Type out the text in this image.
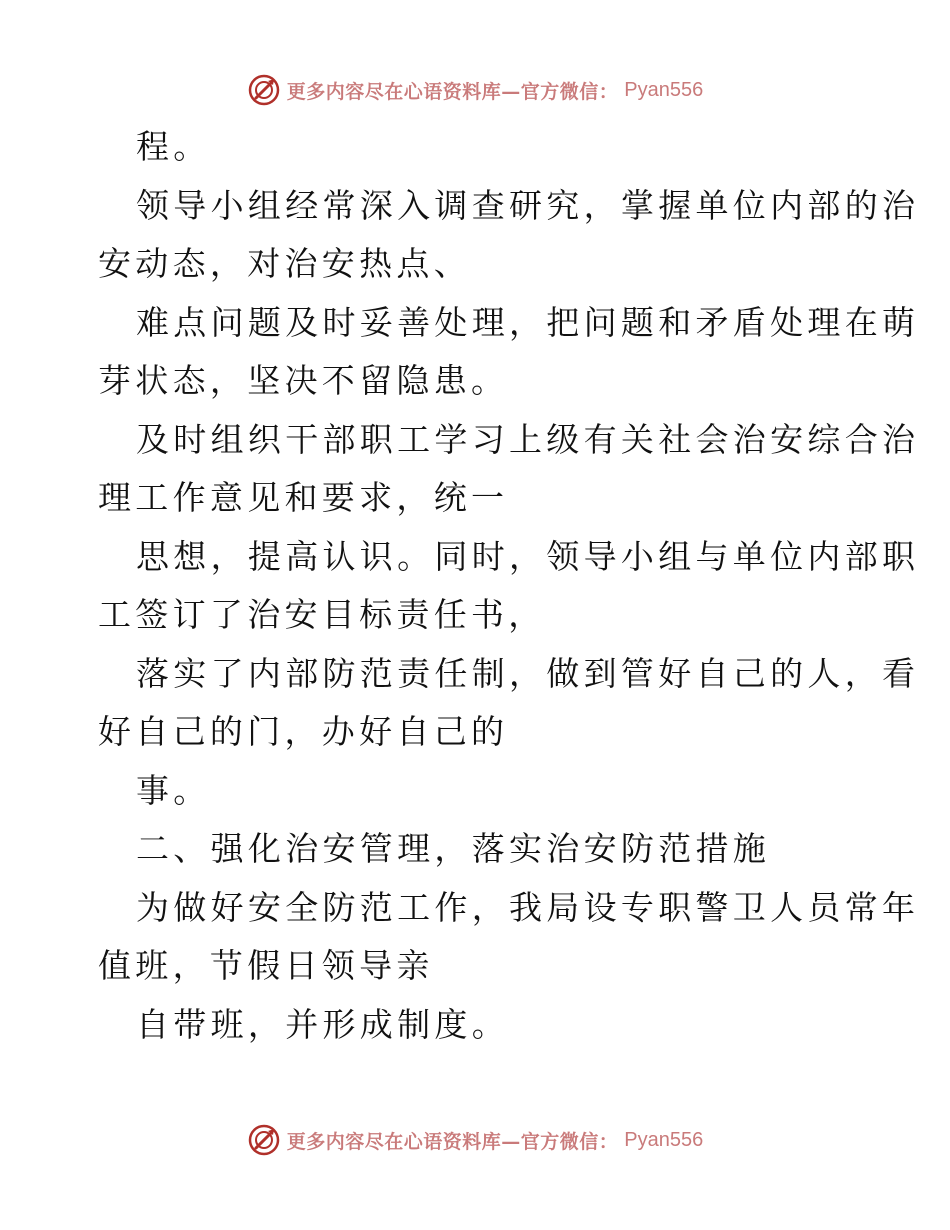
更多内容尽在心语资料库—官方微信： Pyan556
程。
领导小组经常深入调查研究，掌握单位内部的治
安动态，对治安热点、
难点问题及时妥善处理，把问题和矛盾处理在萌
芽状态，坚决不留隐患。
及时组织干部职工学习上级有关社会治安综合治
理工作意见和要求，统一
思想，提高认识。同时，领导小组与单位内部职
工签订了治安目标责任书，
落实了内部防范责任制，做到管好自己的人，看
好自己的门，办好自己的
事。
二、强化治安管理，落实治安防范措施
为做好安全防范工作，我局设专职警卫人员常年
值班，节假日领导亲
自带班，并形成制度。
更多内容尽在心语资料库—官方微信： Pyan556
